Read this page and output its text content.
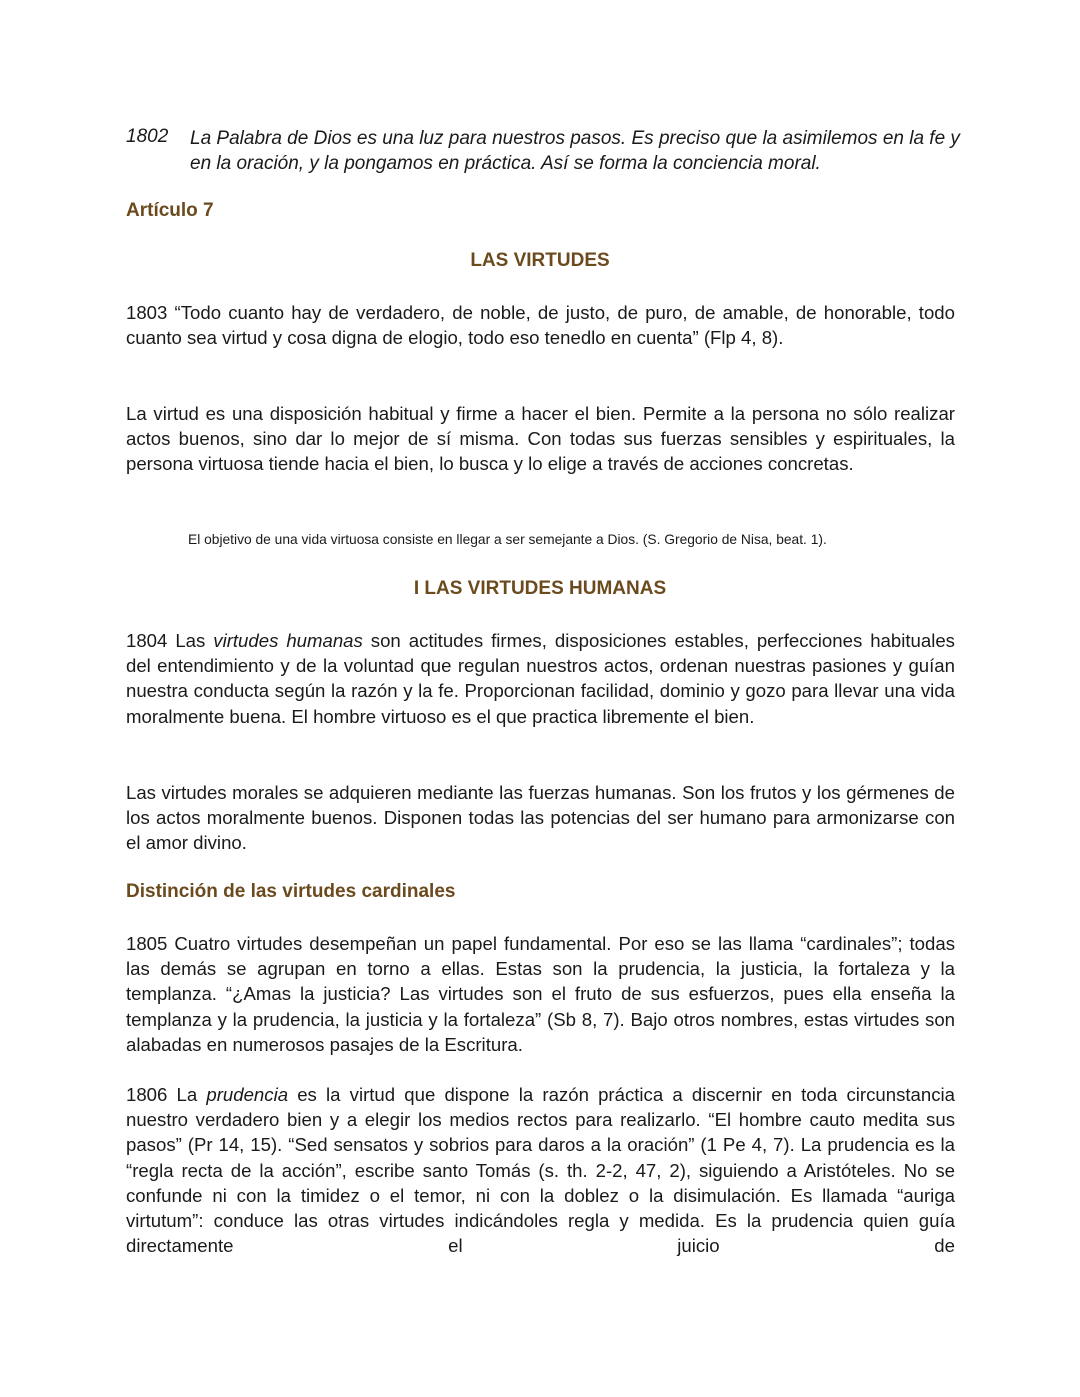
1802 La Palabra de Dios es una luz para nuestros pasos. Es preciso que la asimilemos en la fe y en la oración, y la pongamos en práctica. Así se forma la conciencia moral.
Artículo 7
LAS VIRTUDES
1803 “Todo cuanto hay de verdadero, de noble, de justo, de puro, de amable, de honorable, todo cuanto sea virtud y cosa digna de elogio, todo eso tenedlo en cuenta” (Flp 4, 8).
La virtud es una disposición habitual y firme a hacer el bien. Permite a la persona no sólo realizar actos buenos, sino dar lo mejor de sí misma. Con todas sus fuerzas sensibles y espirituales, la persona virtuosa tiende hacia el bien, lo busca y lo elige a través de acciones concretas.
El objetivo de una vida virtuosa consiste en llegar a ser semejante a Dios. (S. Gregorio de Nisa, beat. 1).
I LAS VIRTUDES HUMANAS
1804 Las virtudes humanas son actitudes firmes, disposiciones estables, perfecciones habituales del entendimiento y de la voluntad que regulan nuestros actos, ordenan nuestras pasiones y guían nuestra conducta según la razón y la fe. Proporcionan facilidad, dominio y gozo para llevar una vida moralmente buena. El hombre virtuoso es el que practica libremente el bien.
Las virtudes morales se adquieren mediante las fuerzas humanas. Son los frutos y los gérmenes de los actos moralmente buenos. Disponen todas las potencias del ser humano para armonizarse con el amor divino.
Distinción de las virtudes cardinales
1805 Cuatro virtudes desempeñan un papel fundamental. Por eso se las llama “cardinales”; todas las demás se agrupan en torno a ellas. Estas son la prudencia, la justicia, la fortaleza y la templanza. “¿Amas la justicia? Las virtudes son el fruto de sus esfuerzos, pues ella enseña la templanza y la prudencia, la justicia y la fortaleza” (Sb 8, 7). Bajo otros nombres, estas virtudes son alabadas en numerosos pasajes de la Escritura.
1806 La prudencia es la virtud que dispone la razón práctica a discernir en toda circunstancia nuestro verdadero bien y a elegir los medios rectos para realizarlo. “El hombre cauto medita sus pasos” (Pr 14, 15). “Sed sensatos y sobrios para daros a la oración” (1 Pe 4, 7). La prudencia es la “regla recta de la acción”, escribe santo Tomás (s. th. 2-2, 47, 2), siguiendo a Aristóteles. No se confunde ni con la timidez o el temor, ni con la doblez o la disimulación. Es llamada “auriga virtutum”: conduce las otras virtudes indicándoles regla y medida. Es la prudencia quien guía directamente el juicio de
